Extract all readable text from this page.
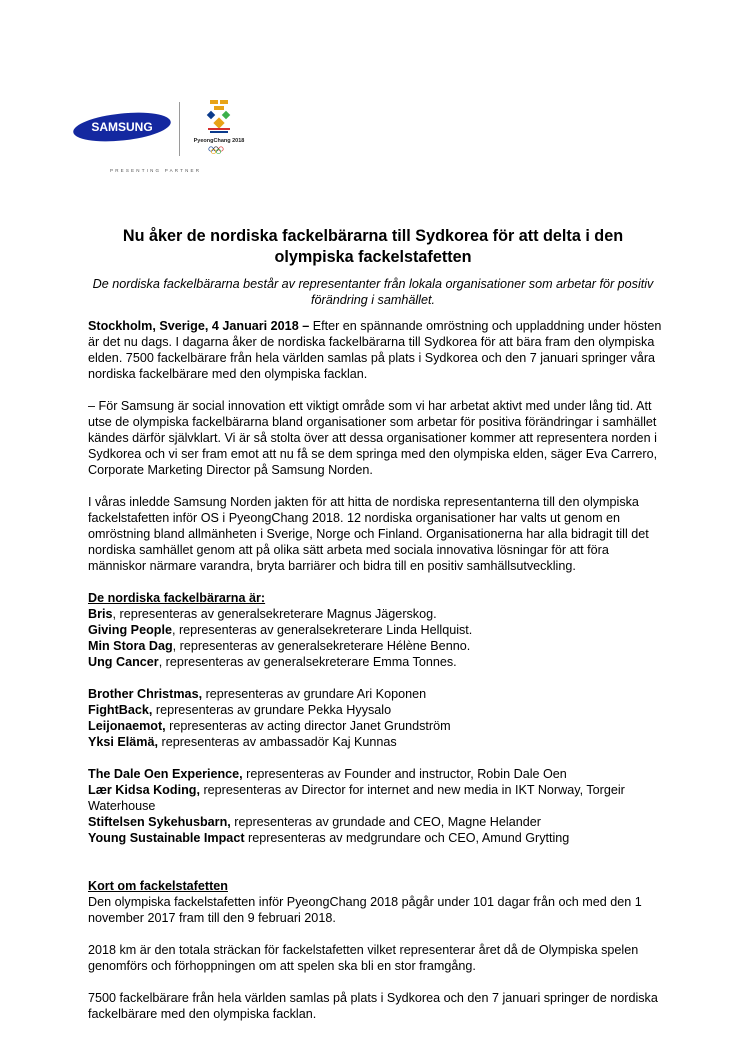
SAMSUNG
PyeongChang 2018
PRESENTING PARTNER
Nu åker de nordiska fackelbärarna till Sydkorea för att delta i den olympiska fackelstafetten

De nordiska fackelbärarna består av representanter från lokala organisationer som arbetar för positiv förändring i samhället.

Stockholm, Sverige, 4 Januari 2018 – Efter en spännande omröstning och uppladdning under hösten är det nu dags. I dagarna åker de nordiska fackelbärarna till Sydkorea för att bära fram den olympiska elden. 7500 fackelbärare från hela världen samlas på plats i Sydkorea och den 7 januari springer våra nordiska fackelbärare med den olympiska facklan.

– För Samsung är social innovation ett viktigt område som vi har arbetat aktivt med under lång tid. Att utse de olympiska fackelbärarna bland organisationer som arbetar för positiva förändringar i samhället kändes därför självklart. Vi är så stolta över att dessa organisationer kommer att representera norden i Sydkorea och vi ser fram emot att nu få se dem springa med den olympiska elden, säger Eva Carrero, Corporate Marketing Director på Samsung Norden.

I våras inledde Samsung Norden jakten för att hitta de nordiska representanterna till den olympiska fackelstafetten inför OS i PyeongChang 2018. 12 nordiska organisationer har valts ut genom en omröstning bland allmänheten i Sverige, Norge och Finland. Organisationerna har alla bidragit till det nordiska samhället genom att på olika sätt arbeta med sociala innovativa lösningar för att föra människor närmare varandra, bryta barriärer och bidra till en positiv samhällsutveckling.

De nordiska fackelbärarna är:

Bris, representeras av generalsekreterare Magnus Jägerskog.

Giving People, representeras av generalsekreterare Linda Hellquist.

Min Stora Dag, representeras av generalsekreterare Hélène Benno.

Ung Cancer, representeras av generalsekreterare Emma Tonnes.

Brother Christmas, representeras av grundare Ari Koponen

FightBack, representeras av grundare Pekka Hyysalo

Leijonaemot, representeras av acting director Janet Grundström

Yksi Elämä, representeras av ambassadör Kaj Kunnas

The Dale Oen Experience, representeras av Founder and instructor, Robin Dale Oen

Lær Kidsa Koding, representeras av Director for internet and new media in IKT Norway, Torgeir Waterhouse

Stiftelsen Sykehusbarn, representeras av grundade and CEO, Magne Helander

Young Sustainable Impact representeras av medgrundare och CEO, Amund Grytting

Kort om fackelstafetten

Den olympiska fackelstafetten inför PyeongChang 2018 pågår under 101 dagar från och med den 1 november 2017 fram till den 9 februari 2018.

2018 km är den totala sträckan för fackelstafetten vilket representerar året då de Olympiska spelen genomförs och förhoppningen om att spelen ska bli en stor framgång.

7500 fackelbärare från hela världen samlas på plats i Sydkorea och den 7 januari springer de nordiska fackelbärare med den olympiska facklan.
